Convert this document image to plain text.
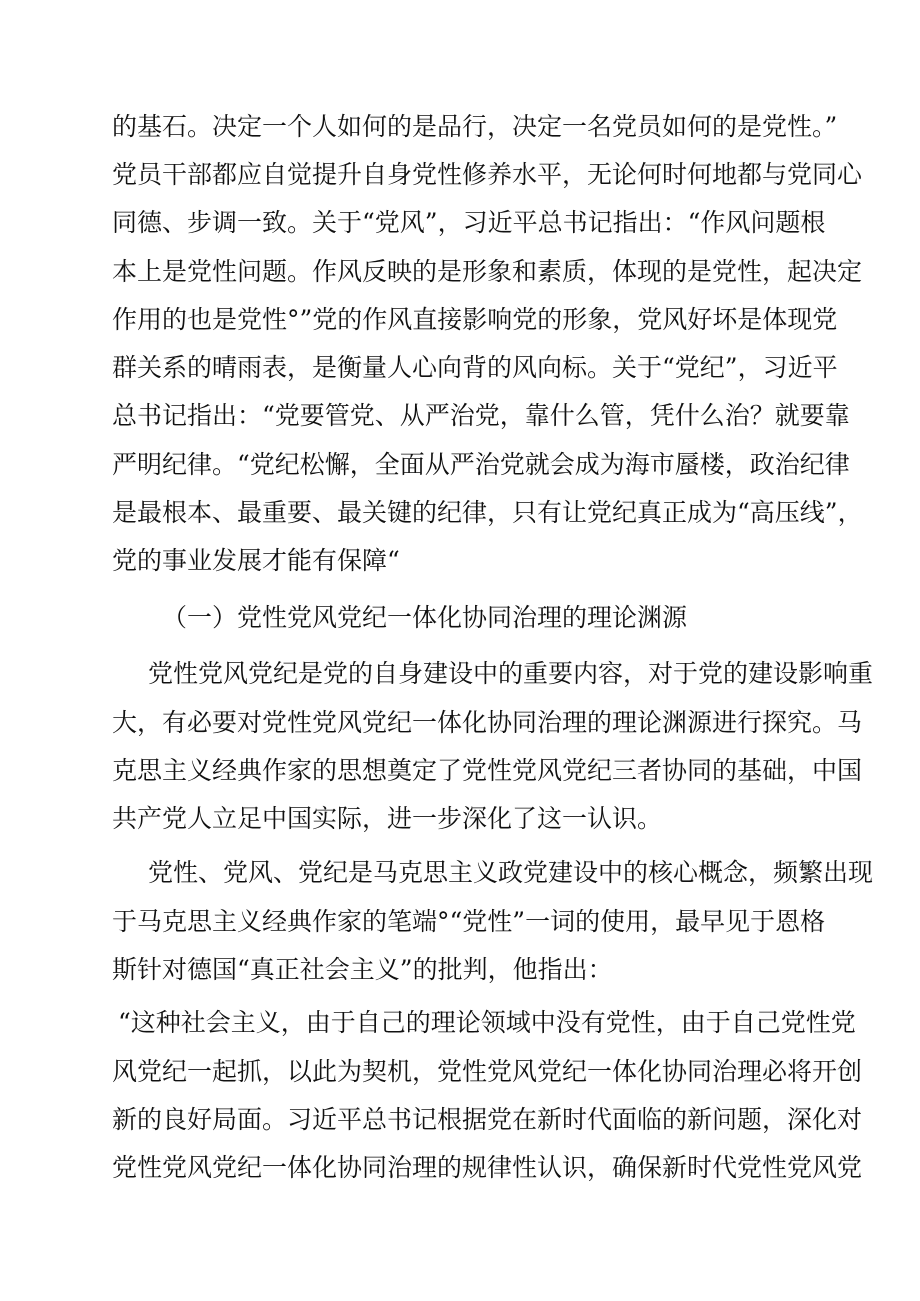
的基石。决定一个人如何的是品行，决定一名党员如何的是党性。”
党员干部都应自觉提升自身党性修养水平，无论何时何地都与党同心
同德、步调一致。关于“党风”，习近平总书记指出：“作风问题根
本上是党性问题。作风反映的是形象和素质，体现的是党性，起决定
作用的也是党性°”党的作风直接影响党的形象，党风好坏是体现党
群关系的晴雨表，是衡量人心向背的风向标。关于“党纪”，习近平
总书记指出：“党要管党、从严治党，靠什么管，凭什么治？就要靠
严明纪律。“党纪松懈，全面从严治党就会成为海市蜃楼，政治纪律
是最根本、最重要、最关键的纪律，只有让党纪真正成为“高压线”，
党的事业发展才能有保障“
（一）党性党风党纪一体化协同治理的理论渊源
党性党风党纪是党的自身建设中的重要内容，对于党的建设影响重
大，有必要对党性党风党纪一体化协同治理的理论渊源进行探究。马
克思主义经典作家的思想奠定了党性党风党纪三者协同的基础，中国
共产党人立足中国实际，进一步深化了这一认识。
党性、党风、党纪是马克思主义政党建设中的核心概念，频繁出现
于马克思主义经典作家的笔端°“党性”一词的使用，最早见于恩格
斯针对德国“真正社会主义”的批判，他指出：
“这种社会主义，由于自己的理论领域中没有党性，由于自己党性党
风党纪一起抓，以此为契机，党性党风党纪一体化协同治理必将开创
新的良好局面。习近平总书记根据党在新时代面临的新问题，深化对
党性党风党纪一体化协同治理的规律性认识，确保新时代党性党风党
